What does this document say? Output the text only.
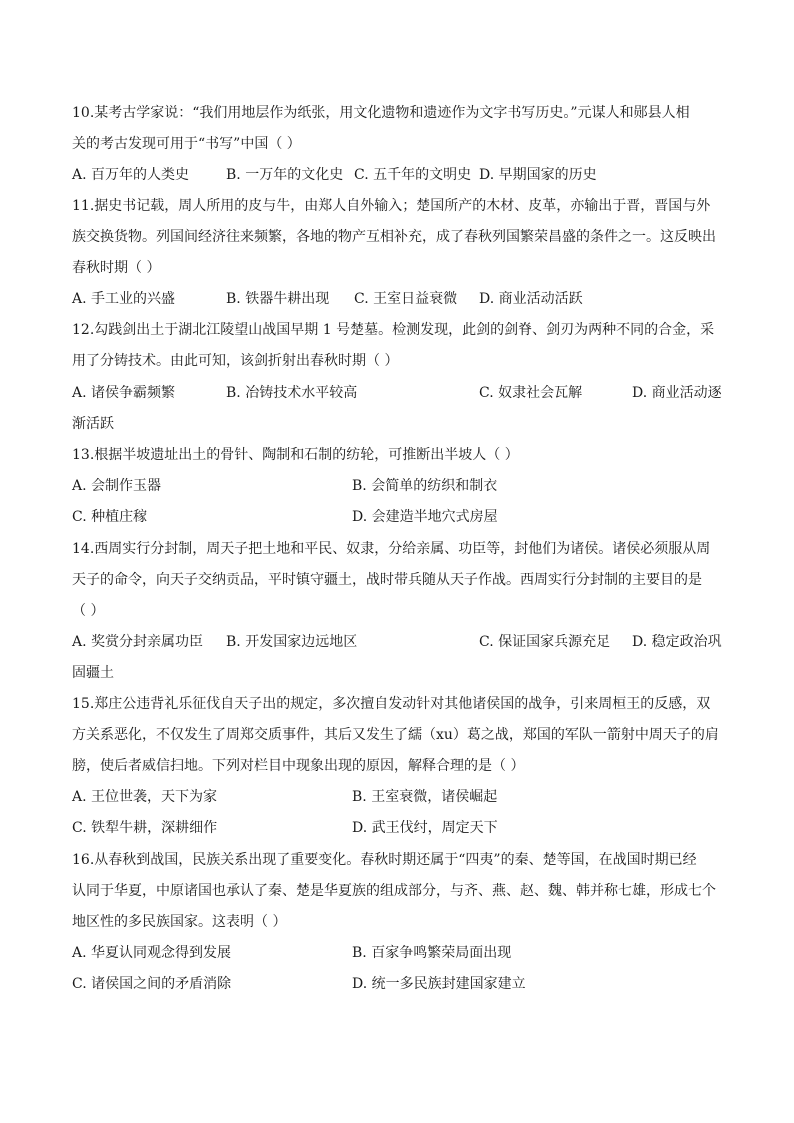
10.某考古学家说：“我们用地层作为纸张，用文化遗物和遗迹作为文字书写历史。”元谋人和郧县人相
关的考古发现可用于“书写”中国（ ）
A. 百万年的人类史	B. 一万年的文化史 C. 五千年的文明史 D. 早期国家的历史
11.据史书记载，周人所用的皮与牛，由郑人自外输入；楚国所产的木材、皮革，亦输出于晋，晋国与外
族交换货物。列国间经济往来频繁，各地的物产互相补充，成了春秋列国繁荣昌盛的条件之一。这反映出
春秋时期（ ）
A. 手工业的兴盛	B. 铁器牛耕出现 C. 王室日益衰微 D. 商业活动活跃
12.勾践剑出土于湖北江陵望山战国早期 1 号楚墓。检测发现，此剑的剑脊、剑刃为两种不同的合金，采
用了分铸技术。由此可知，该剑折射出春秋时期（ ）
A. 诸侯争霸频繁	B. 冶铸技术水平较高	C. 奴隶社会瓦解	D. 商业活动逐
渐活跃
13.根据半坡遗址出土的骨针、陶制和石制的纺轮，可推断出半坡人（ ）
A. 会制作玉器	B. 会简单的纺织和制衣
C. 种植庄稼	D. 会建造半地穴式房屋
14.西周实行分封制，周天子把土地和平民、奴隶，分给亲属、功臣等，封他们为诸侯。诸侯必须服从周
天子的命令，向天子交纳贡品，平时镇守疆土，战时带兵随从天子作战。西周实行分封制的主要目的是
（ ）
A. 奖赏分封亲属功臣 B. 开发国家边远地区	C. 保证国家兵源充足 D. 稳定政治巩
固疆土
15.郑庄公违背礼乐征伐自天子出的规定，多次擅自发动针对其他诸侯国的战争，引来周桓王的反感，双
方关系恶化，不仅发生了周郑交质事件，其后又发生了繻（xu）葛之战，郑国的军队一箭射中周天子的肩
膀，使后者威信扫地。下列对栏目中现象出现的原因，解释合理的是（ ）
A. 王位世袭，天下为家	B. 王室衰微，诸侯崛起
C. 铁犁牛耕，深耕细作	D. 武王伐纣，周定天下
16.从春秋到战国，民族关系出现了重要变化。春秋时期还属于“四夷”的秦、楚等国，在战国时期已经
认同于华夏，中原诸国也承认了秦、楚是华夏族的组成部分，与齐、燕、赵、魏、韩并称七雄，形成七个
地区性的多民族国家。这表明（ ）
A. 华夏认同观念得到发展	B. 百家争鸣繁荣局面出现
C. 诸侯国之间的矛盾消除	D. 统一多民族封建国家建立
